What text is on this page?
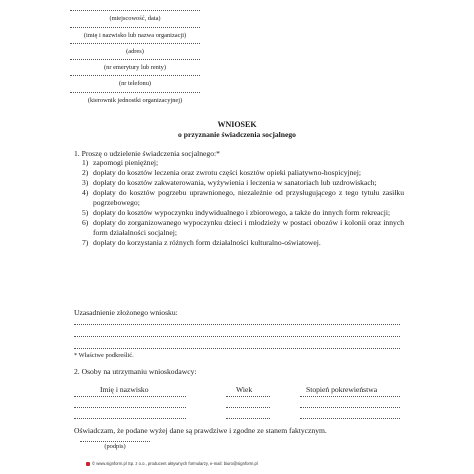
(miejscowość, data)
(imię i nazwisko lub nazwa organizacji)
(adres)
(nr emerytury lub renty)
(nr telefonu)
(kierownik jednostki organizacyjnej)
WNIOSEK
o przyznanie świadczenia socjalnego
1. Proszę o udzielenie świadczenia socjalnego:*
1) zapomogi pieniężnej;
2) dopłaty do kosztów leczenia oraz zwrotu części kosztów opieki paliatywno-hospicyjnej;
3) dopłaty do kosztów zakwaterowania, wyżywienia i leczenia w sanatoriach lub uzdrowiskach;
4) dopłaty do kosztów pogrzebu uprawnionego, niezależnie od przysługującego z tego tytułu zasiłku pogrzebowego;
5) dopłaty do kosztów wypoczynku indywidualnego i zbiorowego, a także do innych form rekreacji;
6) dopłaty do zorganizowanego wypoczynku dzieci i młodzieży w postaci obozów i kolonii oraz innych form działalności socjalnej;
7) dopłaty do korzystania z różnych form działalności kulturalno-oświatowej.
Uzasadnienie złożonego wniosku:
* Właściwe podkreślić.
2. Osoby na utrzymaniu wnioskodawcy:
Imię i nazwisko	Wiek	Stopień pokrewieństwa
Oświadczam, że podane wyżej dane są prawdziwe i zgodne ze stanem faktycznym.
(podpis)
© www.signform.pl Sp. z o.o., producent aktywnych formularzy, e-mail: biuro@signform.pl
